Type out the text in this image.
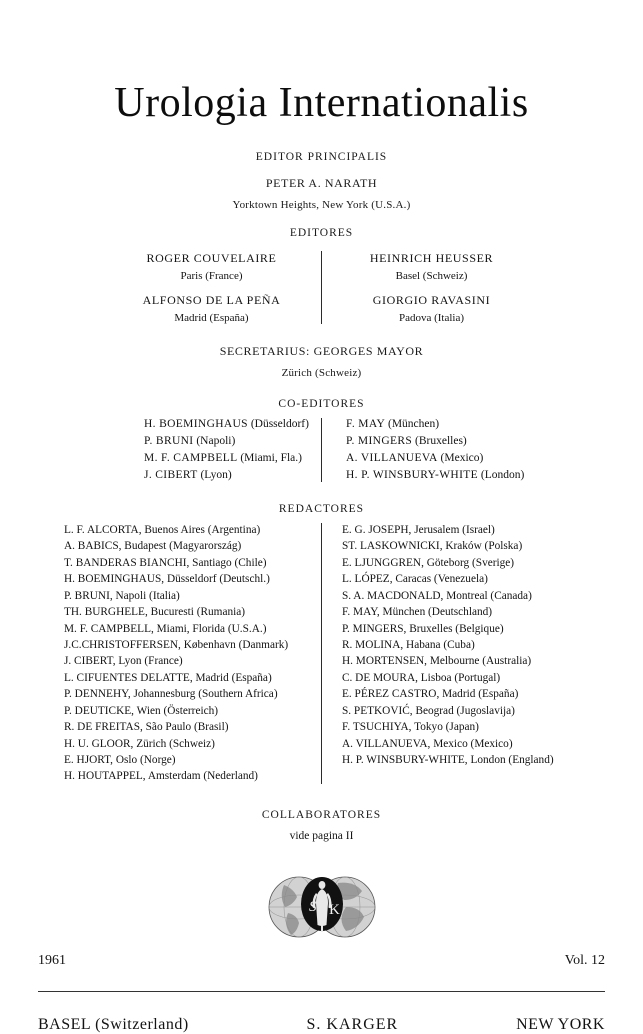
Urologia Internationalis

EDITOR PRINCIPALIS

PETER A. NARATH

Yorktown Heights, New York (U.S.A.)

EDITORES

ROGER COUVELAIRE
Paris (France)
ALFONSO DE LA PEÑA
Madrid (España)
HEINRICH HEUSSER
Basel (Schweiz)
GIORGIO RAVASINI
Padova (Italia)

SECRETARIUS: GEORGES MAYOR

Zürich (Schweiz)

CO-EDITORES

H. BOEMINGHAUS (Düsseldorf)
P. BRUNI (Napoli)
M. F. CAMPBELL (Miami, Fla.)
J. CIBERT (Lyon)
F. MAY (München)
P. MINGERS (Bruxelles)
A. VILLANUEVA (Mexico)
H. P. WINSBURY-WHITE (London)

REDACTORES

L. F. ALCORTA, Buenos Aires (Argentina)
A. BABICS, Budapest (Magyarország)
T. BANDERAS BIANCHI, Santiago (Chile)
H. BOEMINGHAUS, Düsseldorf (Deutschl.)
P. BRUNI, Napoli (Italia)
TH. BURGHELE, Bucuresti (Rumania)
M. F. CAMPBELL, Miami, Florida (U.S.A.)
J.C.CHRISTOFFERSEN, København (Danmark)
J. CIBERT, Lyon (France)
L. CIFUENTES DELATTE, Madrid (España)
P. DENNEHY, Johannesburg (Southern Africa)
P. DEUTICKE, Wien (Österreich)
R. DE FREITAS, São Paulo (Brasil)
H. U. GLOOR, Zürich (Schweiz)
E. HJORT, Oslo (Norge)
H. HOUTAPPEL, Amsterdam (Nederland)
E. G. JOSEPH, Jerusalem (Israel)
ST. LASKOWNICKI, Kraków (Polska)
E. LJUNGGREN, Göteborg (Sverige)
L. LÓPEZ, Caracas (Venezuela)
S. A. MACDONALD, Montreal (Canada)
F. MAY, München (Deutschland)
P. MINGERS, Bruxelles (Belgique)
R. MOLINA, Habana (Cuba)
H. MORTENSEN, Melbourne (Australia)
C. DE MOURA, Lisboa (Portugal)
E. PÉREZ CASTRO, Madrid (España)
S. PETKOVIĆ, Beograd (Jugoslavija)
F. TSUCHIYA, Tokyo (Japan)
A. VILLANUEVA, Mexico (Mexico)
H. P. WINSBURY-WHITE, London (England)

COLLABORATORES

vide pagina II

S K
1961	Vol. 12
BASEL (Switzerland)	S. KARGER	NEW YORK
